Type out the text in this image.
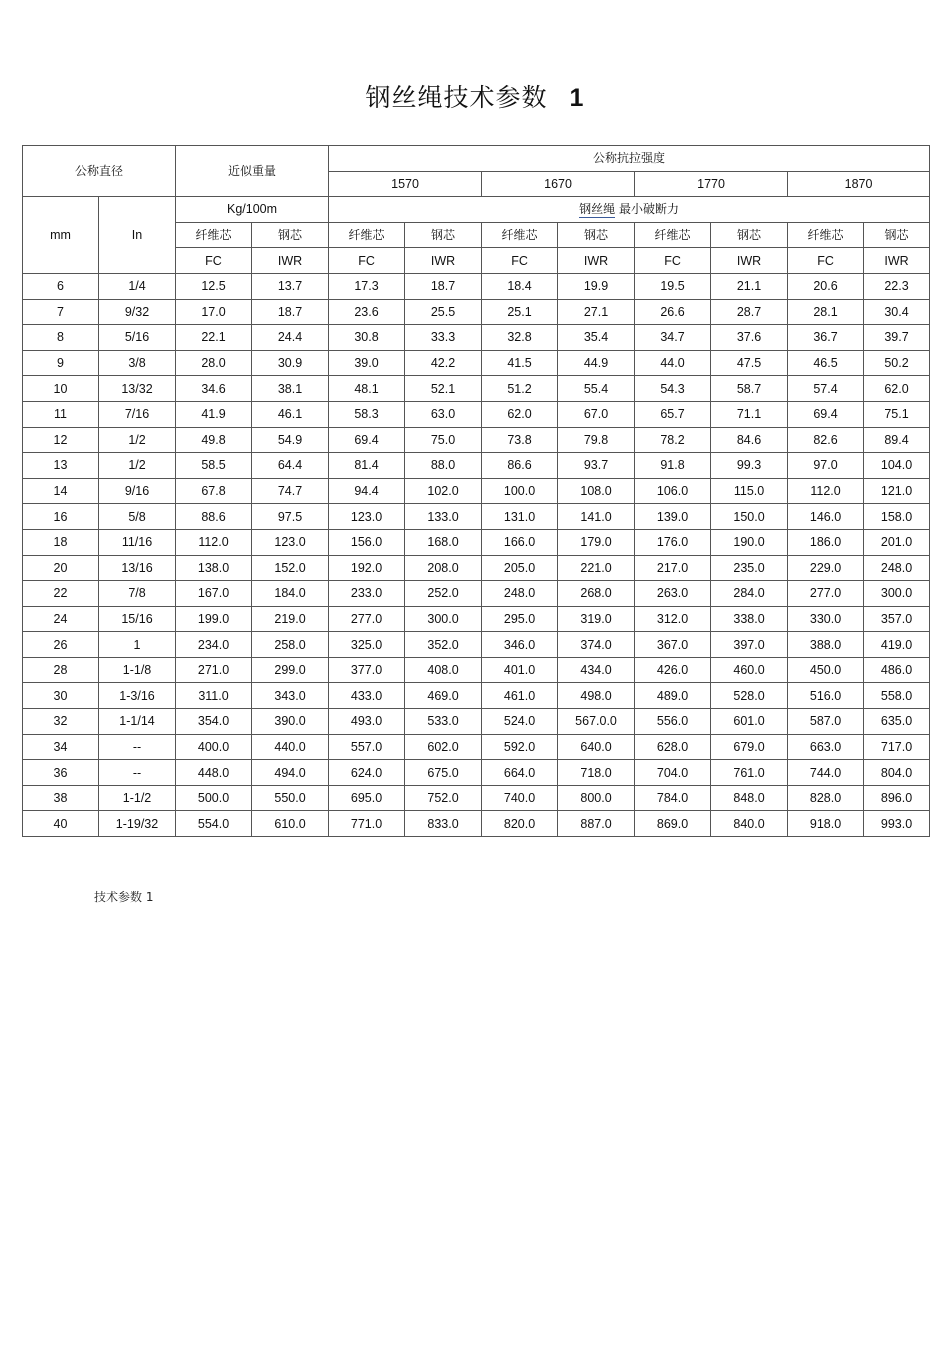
钢丝绳技术参数 1
公称直径		近似重量		公称抗拉强度							
				1570		1670		1770		1870	
mm	In	Kg/100m		钢丝绳 最小破断力							
		纤维芯	钢芯	纤维芯	钢芯	纤维芯	钢芯	纤维芯	钢芯	纤维芯	钢芯
		FC	IWR	FC	IWR	FC	IWR	FC	IWR	FC	IWR
6	1/4	12.5	13.7	17.3	18.7	18.4	19.9	19.5	21.1	20.6	22.3
7	9/32	17.0	18.7	23.6	25.5	25.1	27.1	26.6	28.7	28.1	30.4
8	5/16	22.1	24.4	30.8	33.3	32.8	35.4	34.7	37.6	36.7	39.7
9	3/8	28.0	30.9	39.0	42.2	41.5	44.9	44.0	47.5	46.5	50.2
10	13/32	34.6	38.1	48.1	52.1	51.2	55.4	54.3	58.7	57.4	62.0
11	7/16	41.9	46.1	58.3	63.0	62.0	67.0	65.7	71.1	69.4	75.1
12	1/2	49.8	54.9	69.4	75.0	73.8	79.8	78.2	84.6	82.6	89.4
13	1/2	58.5	64.4	81.4	88.0	86.6	93.7	91.8	99.3	97.0	104.0
14	9/16	67.8	74.7	94.4	102.0	100.0	108.0	106.0	115.0	112.0	121.0
16	5/8	88.6	97.5	123.0	133.0	131.0	141.0	139.0	150.0	146.0	158.0
18	11/16	112.0	123.0	156.0	168.0	166.0	179.0	176.0	190.0	186.0	201.0
20	13/16	138.0	152.0	192.0	208.0	205.0	221.0	217.0	235.0	229.0	248.0
22	7/8	167.0	184.0	233.0	252.0	248.0	268.0	263.0	284.0	277.0	300.0
24	15/16	199.0	219.0	277.0	300.0	295.0	319.0	312.0	338.0	330.0	357.0
26	1	234.0	258.0	325.0	352.0	346.0	374.0	367.0	397.0	388.0	419.0
28	1-1/8	271.0	299.0	377.0	408.0	401.0	434.0	426.0	460.0	450.0	486.0
30	1-3/16	311.0	343.0	433.0	469.0	461.0	498.0	489.0	528.0	516.0	558.0
32	1-1/14	354.0	390.0	493.0	533.0	524.0	567.0.0	556.0	601.0	587.0	635.0
34	--	400.0	440.0	557.0	602.0	592.0	640.0	628.0	679.0	663.0	717.0
36	--	448.0	494.0	624.0	675.0	664.0	718.0	704.0	761.0	744.0	804.0
38	1-1/2	500.0	550.0	695.0	752.0	740.0	800.0	784.0	848.0	828.0	896.0
40	1-19/32	554.0	610.0	771.0	833.0	820.0	887.0	869.0	840.0	918.0	993.0
技术参数 1
